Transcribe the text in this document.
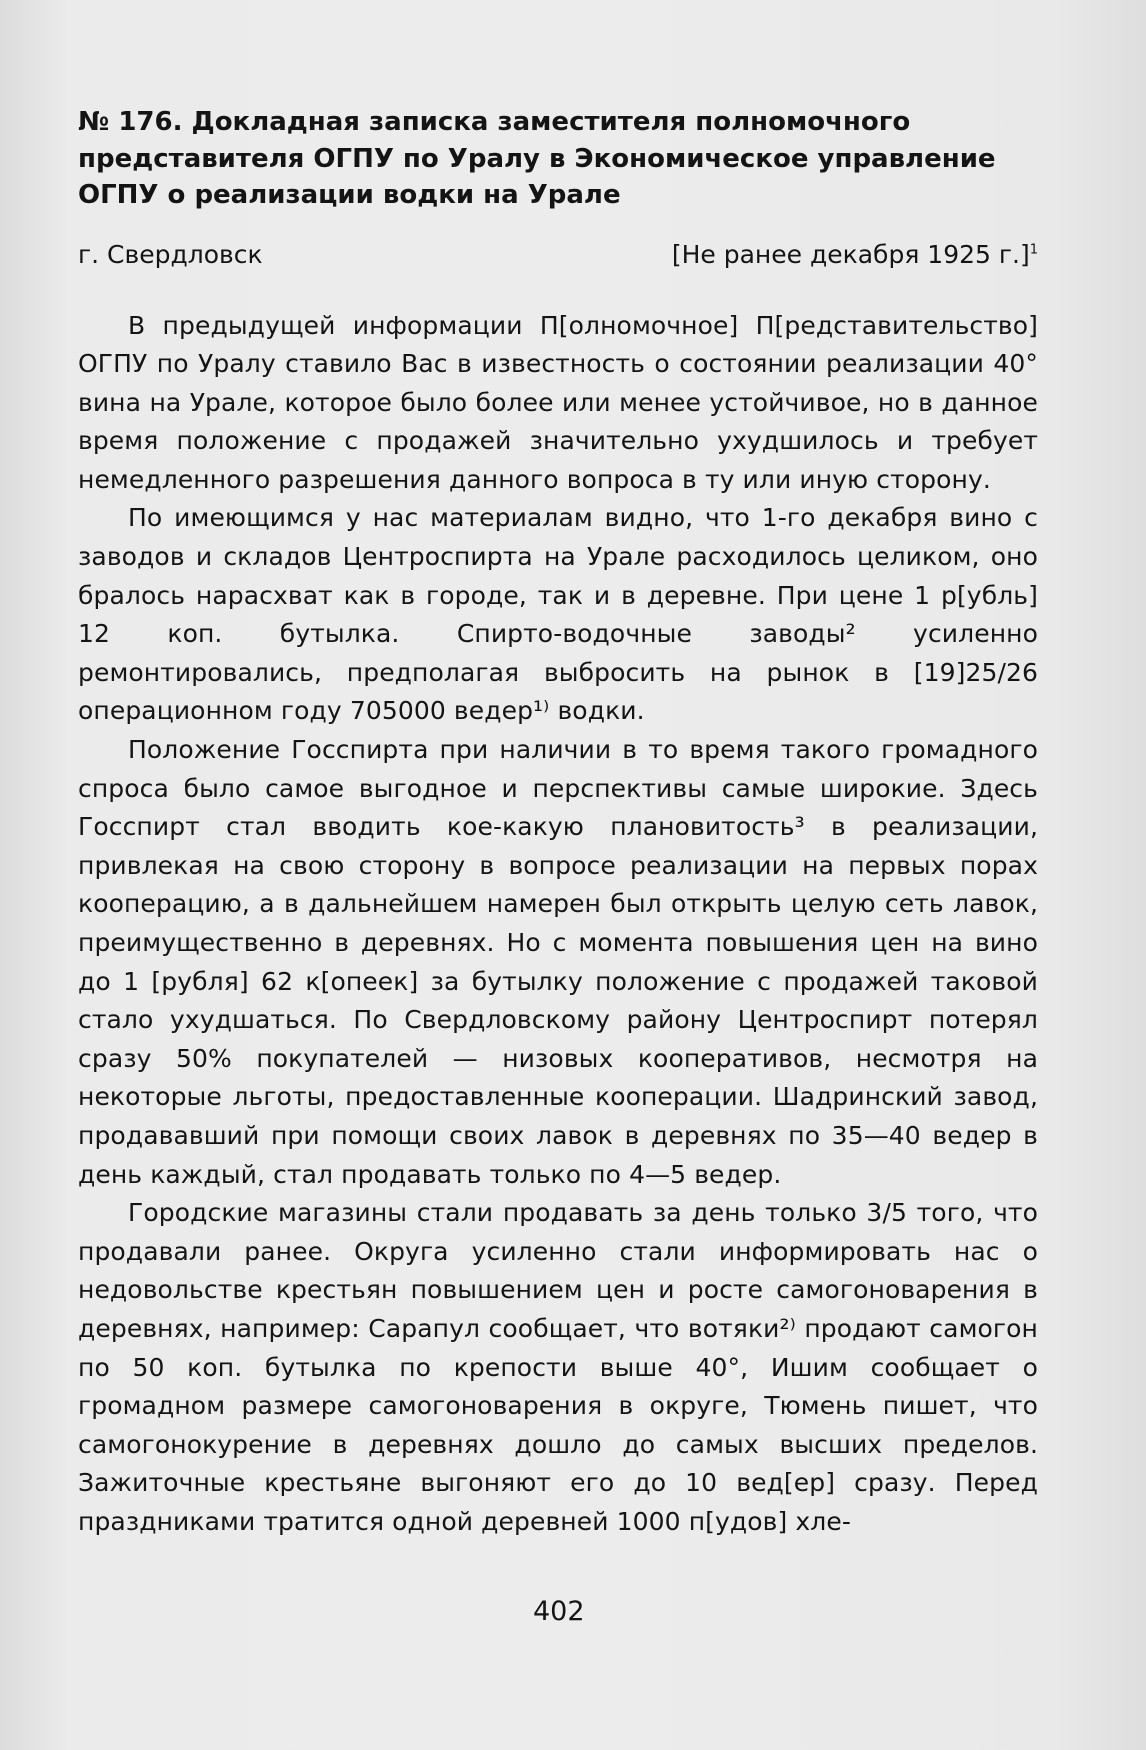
№ 176. Докладная записка заместителя полномочного представителя ОГПУ по Уралу в Экономическое управление ОГПУ о реализации водки на Урале
г. Свердловск	[Не ранее декабря 1925 г.]$^1$

В предыдущей информации П[олномочное] П[редставительство] ОГПУ по Уралу ставило Вас в известность о состоянии реализации 40° вина на Урале, которое было более или менее устойчивое, но в данное время положение с продажей значительно ухудшилось и требует немедленного разрешения данного вопроса в ту или иную сторону.

По имеющимся у нас материалам видно, что 1-го декабря вино с заводов и складов Центроспирта на Урале расходилось целиком, оно бралось нарасхват как в городе, так и в деревне. При цене 1 р[убль] 12 коп. бутылка. Спирто-водочные заводы² усиленно ремонтировались, предполагая выбросить на рынок в [19]25/26 операционном году 705000 ведер¹⁾ водки.

Положение Госспирта при наличии в то время такого громадного спроса было самое выгодное и перспективы самые широкие. Здесь Госспирт стал вводить кое-какую плановитость³ в реализации, привлекая на свою сторону в вопросе реализации на первых порах кооперацию, а в дальнейшем намерен был открыть целую сеть лавок, преимущественно в деревнях. Но с момента повышения цен на вино до 1 [рубля] 62 к[опеек] за бутылку положение с продажей таковой стало ухудшаться. По Свердловскому району Центроспирт потерял сразу 50% покупателей — низовых кооперативов, несмотря на некоторые льготы, предоставленные кооперации. Шадринский завод, продававший при помощи своих лавок в деревнях по 35—40 ведер в день каждый, стал продавать только по 4—5 ведер.

Городские магазины стали продавать за день только 3/5 того, что продавали ранее. Округа усиленно стали информировать нас о недовольстве крестьян повышением цен и росте самогоноварения в деревнях, например: Сарапул сообщает, что вотяки²⁾ продают самогон по 50 коп. бутылка по крепости выше 40°, Ишим сообщает о громадном размере самогоноварения в округе, Тюмень пишет, что самогонокурение в деревнях дошло до самых высших пределов. Зажиточные крестьяне выгоняют его до 10 вед[ер] сразу. Перед праздниками тратится одной деревней 1000 п[удов] хле-

402
